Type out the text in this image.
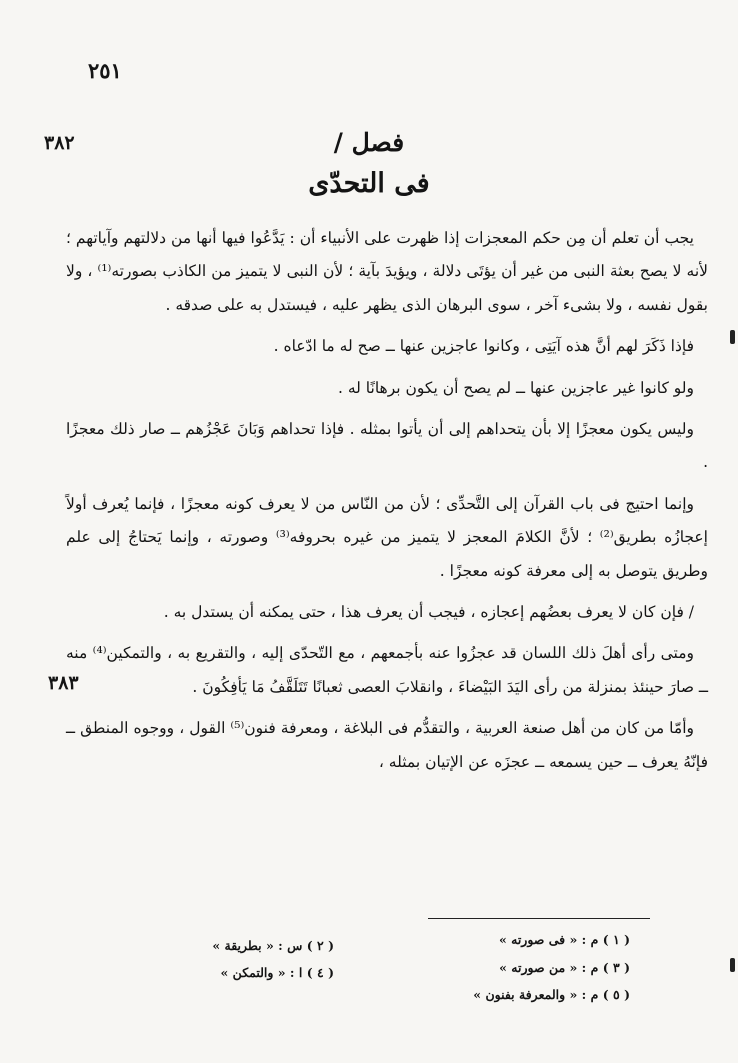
٢٥١
٣٨٢
٣٨٣
/ فصل
فى التحدّى

يجب أن تعلم أن مِن حكم المعجزات إذا ظهرت على الأنبياء أن : يَدَّعُوا فيها أنها من دلالتهم وآياتهم ؛ لأنه لا يصح بعثة النبى من غير أن يؤتَى دلالة ، ويؤيدَ بآية ؛ لأن النبى لا يتميز من الكاذب بصورته⁽¹⁾ ، ولا بقول نفسه ، ولا بشىء آخر ، سوى البرهان الذى يظهر عليه ، فيستدل به على صدقه .

فإذا ذَكَرَ لهم أنَّ هذه آيَتِى ، وكانوا عاجزين عنها ــ صح له ما ادّعاه .

ولو كانوا غير عاجزين عنها ــ لم يصح أن يكون برهانًا له .

وليس يكون معجزًا إلا بأن يتحداهم إلى أن يأتوا بمثله . فإذا تحداهم وَبَانَ عَجْزُهم ــ صار ذلك معجزًا .

وإنما احتيج فى باب القرآن إلى التَّحدِّى ؛ لأن من النّاس من لا يعرف كونه معجزًا ، فإنما يُعرف أولاً إعجازُه بطريق⁽²⁾ ؛ لأنَّ الكلامَ المعجز لا يتميز من غيره بحروفه⁽³⁾ وصورته ، وإنما يَحتاجُ إلى علم وطريق يتوصل به إلى معرفة كونه معجزًا .

/ فإن كان لا يعرف بعضُهم إعجازه ، فيجب أن يعرف هذا ، حتى يمكنه أن يستدل به .

ومتى رأى أهلَ ذلك اللسان قد عجزُوا عنه بأجمعهم ، مع التّحدّى إليه ، والتقريع به ، والتمكين⁽⁴⁾ منه ــ صارَ حينئذ بمنزلة من رأى اليَدَ البَيْضاءَ ، وانقلابَ العصى ثعبانًا تَتَلَقَّفُ مَا يَأفِكُونَ .

وأمّا من كان من أهل صنعة العربية ، والتقدُّم فى البلاغة ، ومعرفة فنون⁽⁵⁾ القول ، ووجوه المنطق ــ فإنّهُ يعرف ــ حين يسمعه ــ عجزَه عن الإتيان بمثله ،

( ١ ) م : « فى صورته »
( ٣ ) م : « من صورته »
( ٥ ) م : « والمعرفة بفنون »
( ٢ ) س : « بطريقة »
( ٤ ) ا : « والتمكن »
